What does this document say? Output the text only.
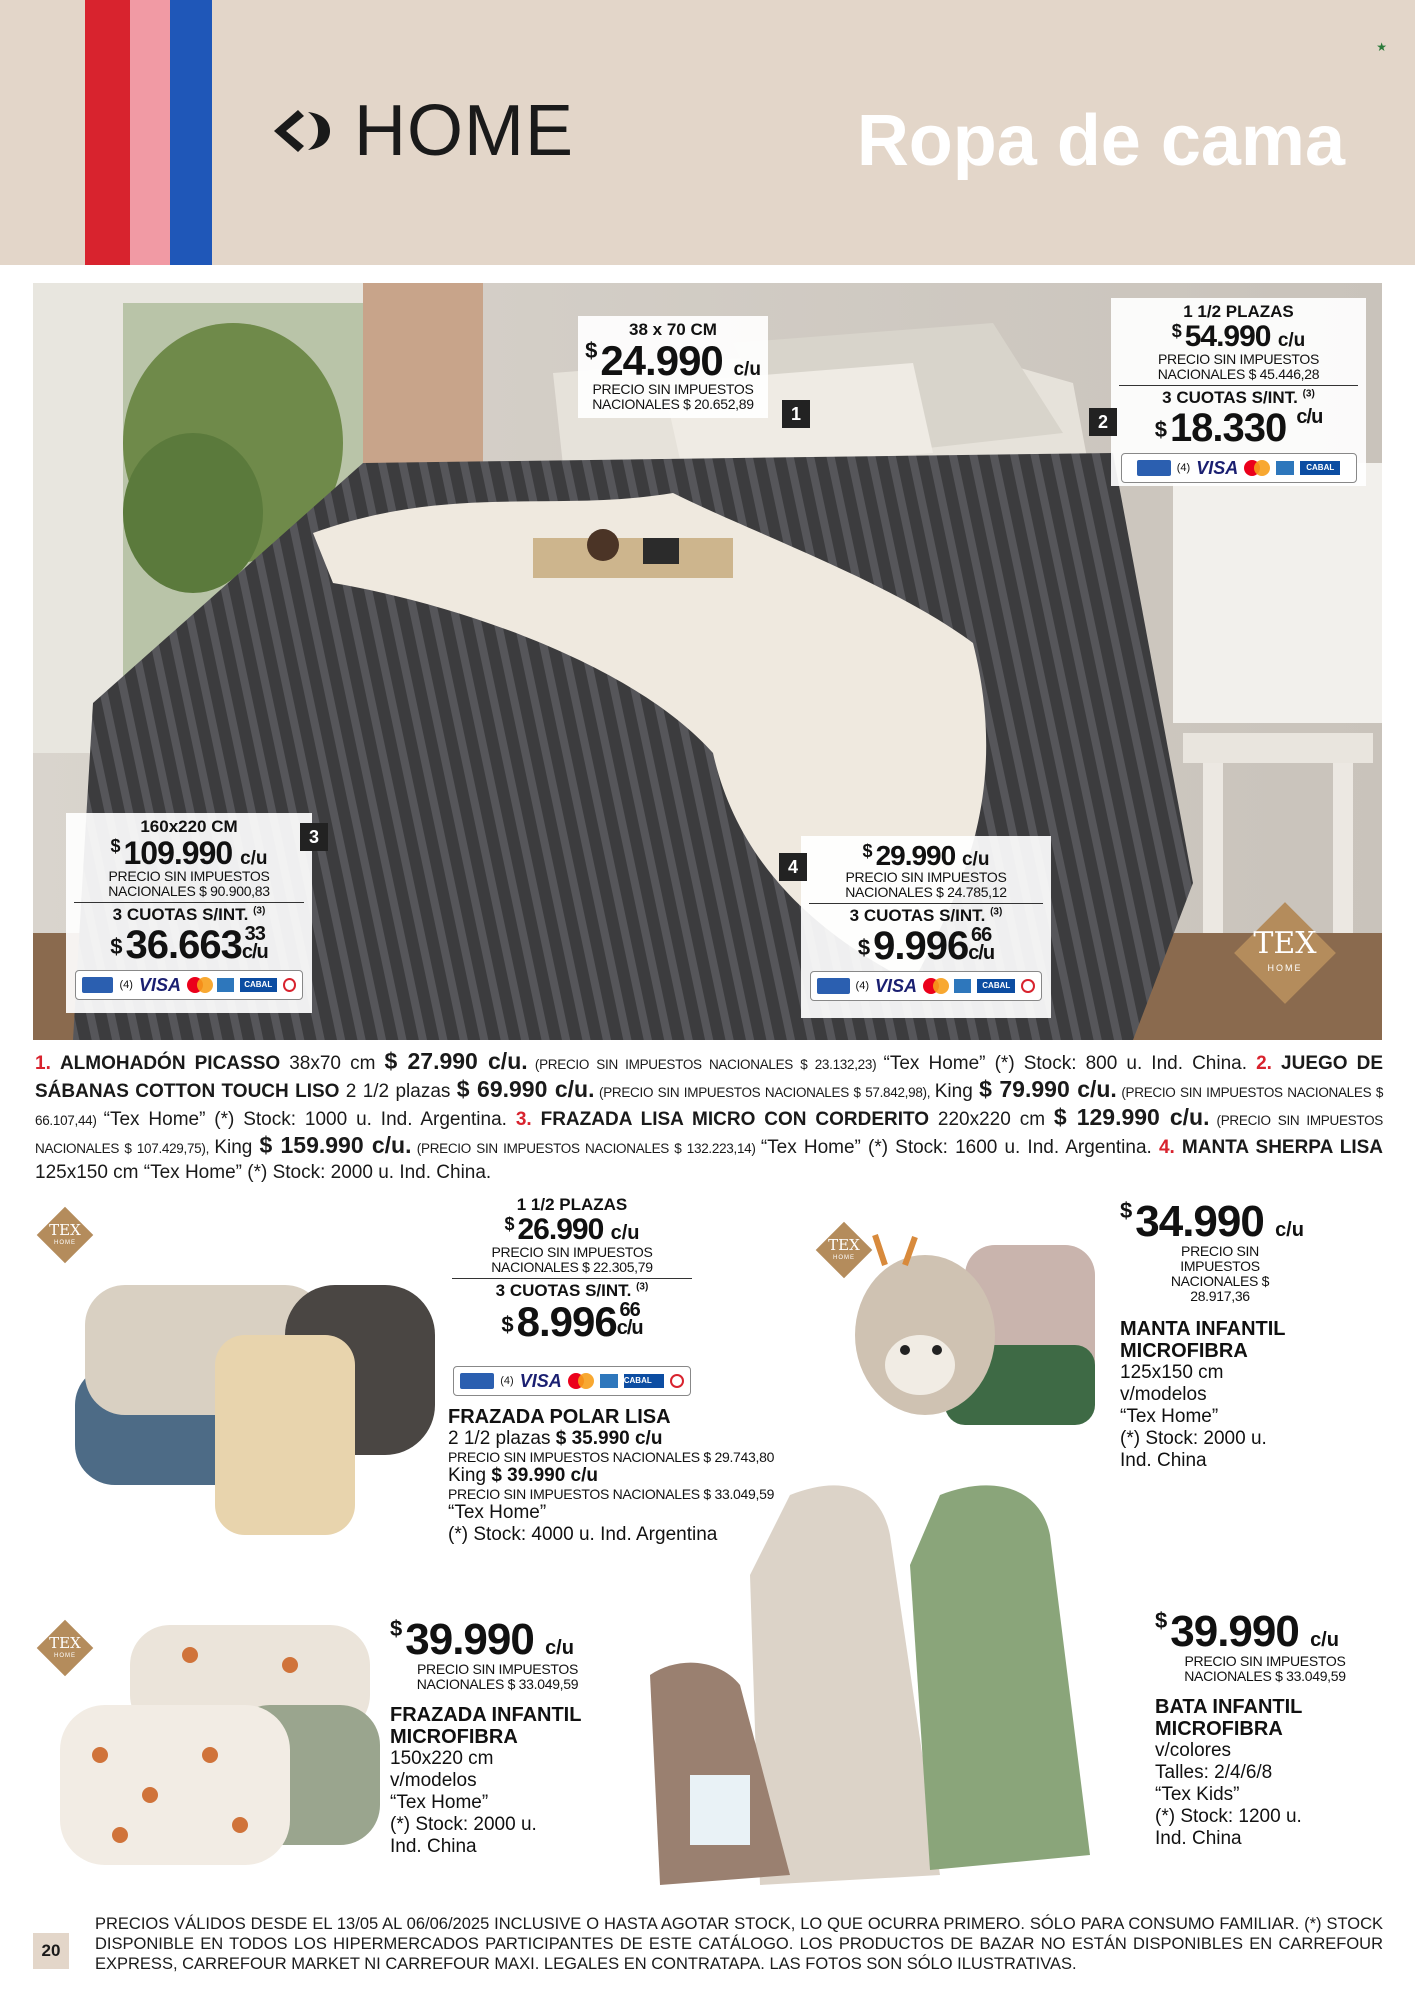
HOME	Ropa de cama
★
38 x 70 CM
$24.990 c/u
PRECIO SIN IMPUESTOS NACIONALES $ 20.652,89	1
1 1/2 PLAZAS
$ 54.990 c/u
PRECIO SIN IMPUESTOS NACIONALES $ 45.446,28
3 CUOTAS S/INT. $^{(3)}$
$ 18.330 c/u
(4) VISA	CABAL
2
160x220 CM
$ 109.990 c/u
PRECIO SIN IMPUESTOS NACIONALES $ 90.900,83
3 CUOTAS S/INT. $^{(3)}$
$ 36.663 33
c/u
(4) VISA	CABAL
3
$ 29.990 c/u
PRECIO SIN IMPUESTOS NACIONALES $ 24.785,12
3 CUOTAS S/INT. $^{(3)}$
$ 9.996 66
c/u
(4) VISA	CABAL
4
TEX
HOME
1. ALMOHADÓN PICASSO 38x70 cm $ 27.990 c/u. (PRECIO SIN IMPUESTOS NACIONALES $ 23.132,23) “Tex Home” (*) Stock: 800 u. Ind. China. 2. JUEGO DE SÁBANAS COTTON TOUCH LISO 2 1/2 plazas $ 69.990 c/u. (PRECIO SIN IMPUESTOS NACIONALES $ 57.842,98), King $ 79.990 c/u. (PRECIO SIN IMPUESTOS NACIONALES $ 66.107,44) “Tex Home” (*) Stock: 1000 u. Ind. Argentina. 3. FRAZADA LISA MICRO CON CORDERITO 220x220 cm $ 129.990 c/u. (PRECIO SIN IMPUESTOS NACIONALES $ 107.429,75), King $ 159.990 c/u. (PRECIO SIN IMPUESTOS NACIONALES $ 132.223,14) “Tex Home” (*) Stock: 1600 u. Ind. Argentina. 4. MANTA SHERPA LISA 125x150 cm “Tex Home” (*) Stock: 2000 u. Ind. China.
TEX
HOME
1 1/2 PLAZAS
$ 26.990 c/u
PRECIO SIN IMPUESTOS NACIONALES $ 22.305,79
3 CUOTAS S/INT. $^{(3)}$
$8.996 66
c/u
(4) VISA	CABAL
FRAZADA POLAR LISA
2 1/2 plazas $ 35.990 c/u
PRECIO SIN IMPUESTOS NACIONALES $ 29.743,80
King $ 39.990 c/u
PRECIO SIN IMPUESTOS NACIONALES $ 33.049,59
“Tex Home”
(*) Stock: 4000 u. Ind. Argentina
TEX
HOME
$34.990 c/u
PRECIO SIN IMPUESTOS NACIONALES $ 28.917,36
MANTA INFANTIL MICROFIBRA
125x150 cm
v/modelos
“Tex Home”
(*) Stock: 2000 u.
Ind. China
TEX
HOME
$39.990 c/u
PRECIO SIN IMPUESTOS NACIONALES $ 33.049,59
FRAZADA INFANTIL MICROFIBRA
150x220 cm
v/modelos
“Tex Home”
(*) Stock: 2000 u.
Ind. China
$39.990 c/u
PRECIO SIN IMPUESTOS NACIONALES $ 33.049,59
BATA INFANTIL MICROFIBRA
v/colores
Talles: 2/4/6/8
“Tex Kids”
(*) Stock: 1200 u.
Ind. China
20
PRECIOS VÁLIDOS DESDE EL 13/05 AL 06/06/2025 INCLUSIVE O HASTA AGOTAR STOCK, LO QUE OCURRA PRIMERO. SÓLO PARA CONSUMO FAMILIAR. (*) STOCK DISPONIBLE EN TODOS LOS HIPERMERCADOS PARTICIPANTES DE ESTE CATÁLOGO. LOS PRODUCTOS DE BAZAR NO ESTÁN DISPONIBLES EN CARREFOUR EXPRESS, CARREFOUR MARKET NI CARREFOUR MAXI. LEGALES EN CONTRATAPA. LAS FOTOS SON SÓLO ILUSTRATIVAS.
